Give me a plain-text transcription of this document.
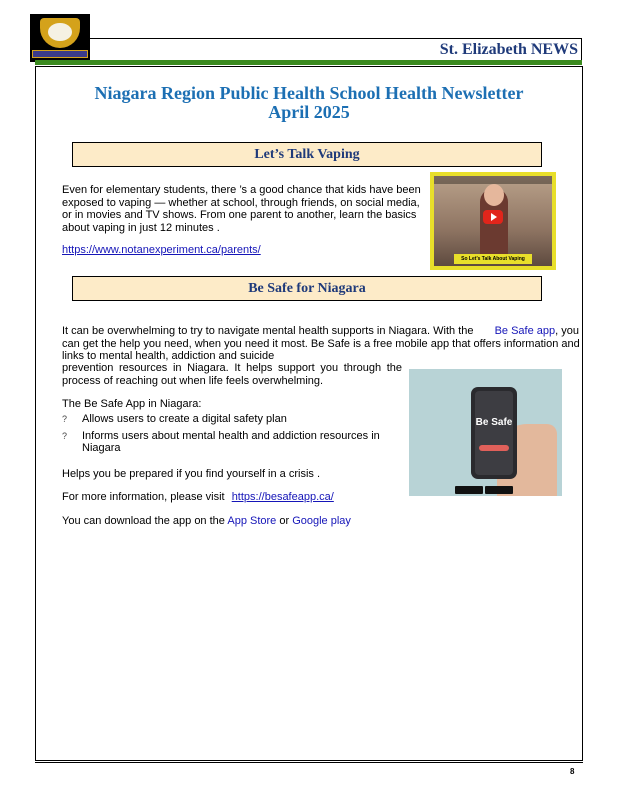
St. Elizabeth NEWS
Niagara Region Public Health School Health Newsletter
April 2025
Let’s Talk Vaping
Even for elementary students, there ’s a good chance that kids have been exposed to vaping — whether at school, through friends, on social media, or in movies and TV shows. From one parent to another, learn the basics about vaping in just 12 minutes .
https://www.notanexperiment.ca/parents/
So Let’s Talk About Vaping
Be Safe for Niagara
It can be overwhelming to try to navigate mental health supports in Niagara. With the Be Safe app, you can get the help you need, when you need it most. Be Safe is a free mobile app that offers information and links to mental health, addiction and suicide
prevention resources in Niagara. It helps support you through the process of reaching out when life feels overwhelming.
The Be Safe App in Niagara:
? Allows users to create a digital safety plan
? Informs users about mental health and addiction resources in Niagara
Helps you be prepared if you find yourself in a crisis .
For more information, please visit https://besafeapp.ca/
You can download the app on the App Store or Google play
Be Safe
8
